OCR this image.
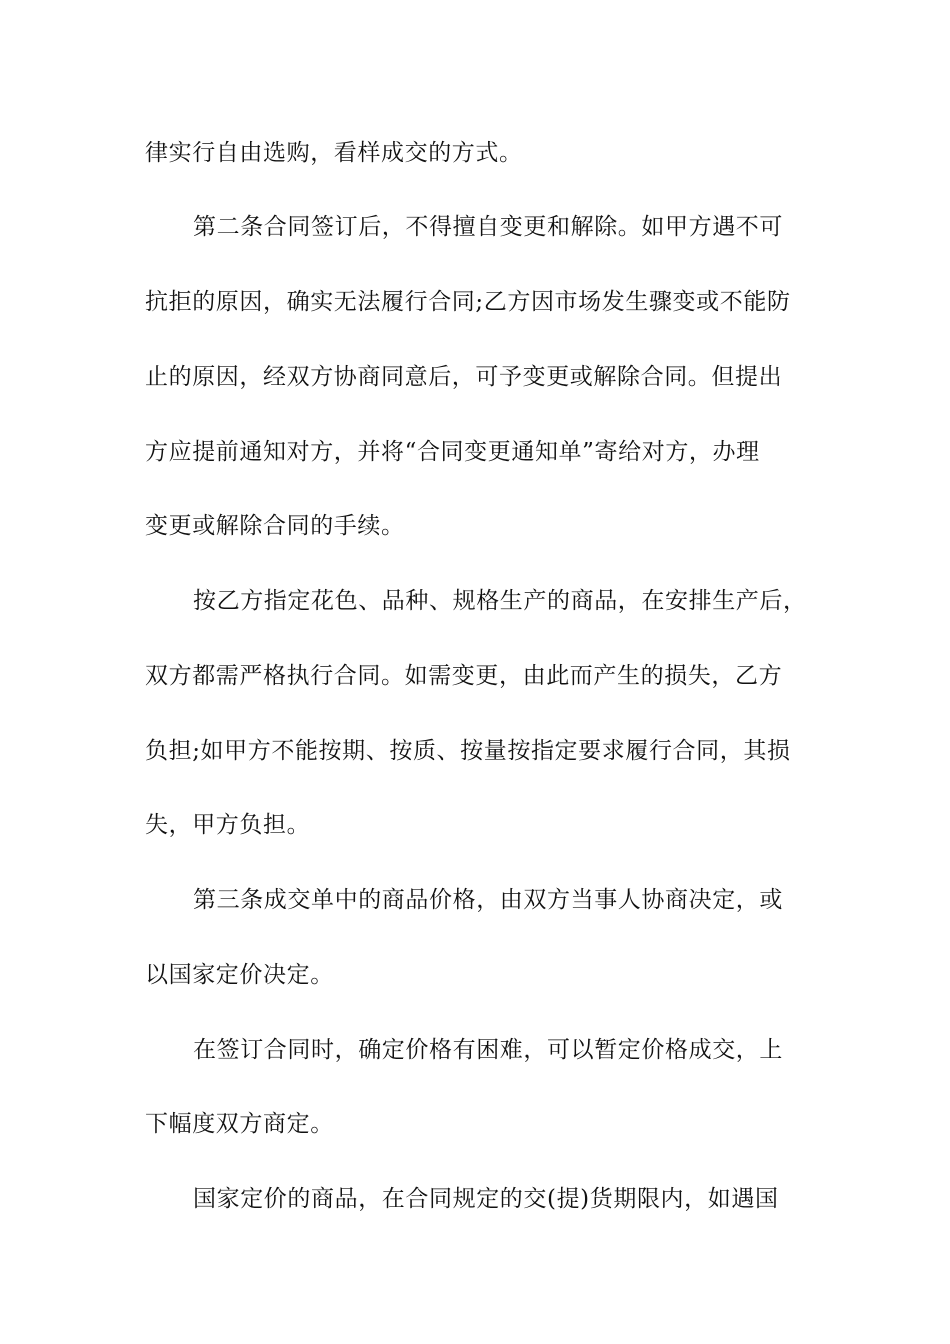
律实行自由选购，看样成交的方式。
第二条合同签订后，不得擅自变更和解除。如甲方遇不可
抗拒的原因，确实无法履行合同;乙方因市场发生骤变或不能防
止的原因，经双方协商同意后，可予变更或解除合同。但提出
方应提前通知对方，并将“合同变更通知单”寄给对方，办理
变更或解除合同的手续。
按乙方指定花色、品种、规格生产的商品，在安排生产后，
双方都需严格执行合同。如需变更，由此而产生的损失，乙方
负担;如甲方不能按期、按质、按量按指定要求履行合同，其损
失，甲方负担。
第三条成交单中的商品价格，由双方当事人协商决定，或
以国家定价决定。
在签订合同时，确定价格有困难，可以暂定价格成交，上
下幅度双方商定。
国家定价的商品，在合同规定的交(提)货期限内，如遇国
